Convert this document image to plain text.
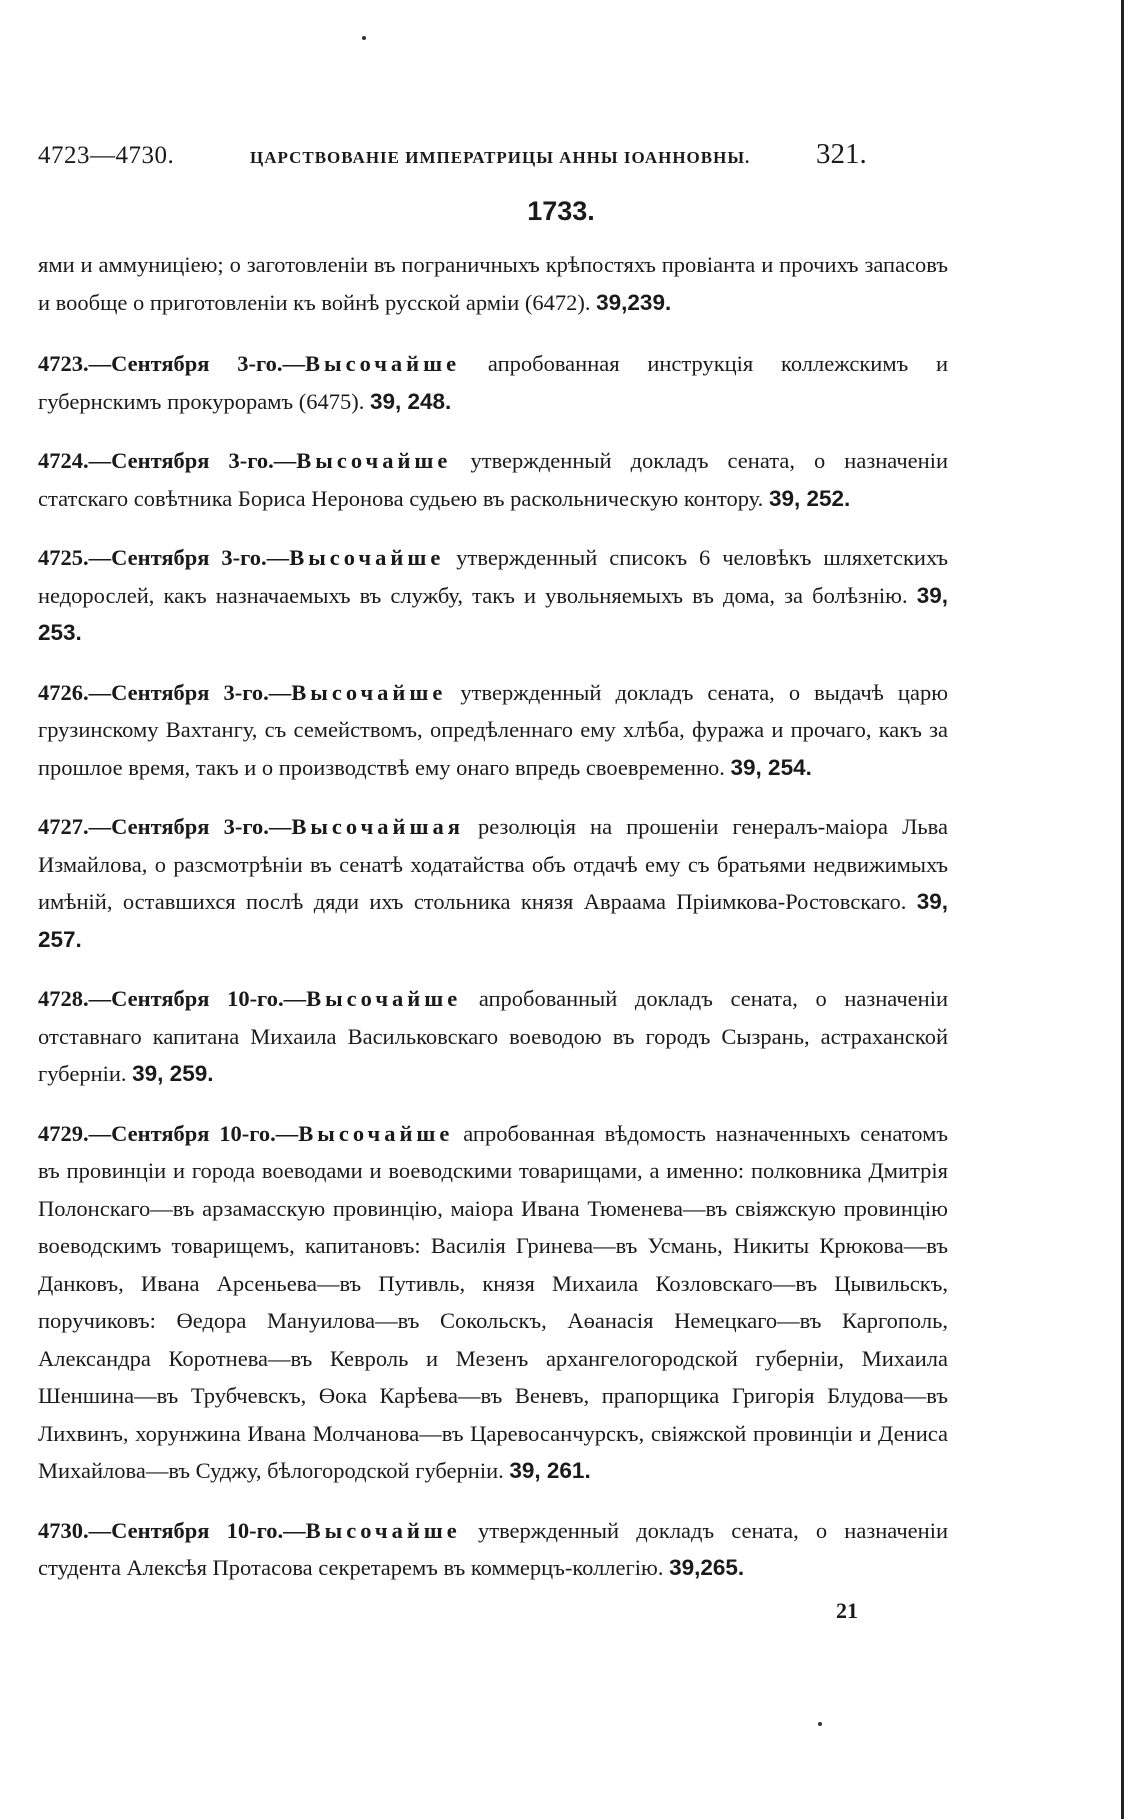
4723—4730.	ЦАРСТВОВАНІЕ ИМПЕРАТРИЦЫ АННЫ ІОАННОВНЫ. 321.
1733.

ями и аммуниціею; о заготовленіи въ пограничныхъ крѣпостяхъ провіанта и прочихъ запасовъ и вообще о приготовленіи къ войнѣ русской арміи (6472). 39,239.

4723.—Сентября 3-го.—Высочайше апробованная инструкція коллежскимъ и губернскимъ прокурорамъ (6475). 39, 248.

4724.—Сентября 3-го.—Высочайше утвержденный докладъ сената, о назначеніи статскаго совѣтника Бориса Неронова судьею въ раскольническую контору. 39, 252.

4725.—Сентября 3-го.—Высочайше утвержденный списокъ 6 человѣкъ шляхетскихъ недорослей, какъ назначаемыхъ въ службу, такъ и увольняемыхъ въ дома, за болѣзнію. 39, 253.

4726.—Сентября 3-го.—Высочайше утвержденный докладъ сената, о выдачѣ царю грузинскому Вахтангу, съ семействомъ, опредѣленнаго ему хлѣба, фуража и прочаго, какъ за прошлое время, такъ и о производствѣ ему онаго впредь своевременно. 39, 254.

4727.—Сентября 3-го.—Высочайшая резолюція на прошеніи генералъ-маіора Льва Измайлова, о разсмотрѣніи въ сенатѣ ходатайства объ отдачѣ ему съ братьями недвижимыхъ имѣній, оставшихся послѣ дяди ихъ стольника князя Авраама Пріимкова-Ростовскаго. 39, 257.

4728.—Сентября 10-го.—Высочайше апробованный докладъ сената, о назначеніи отставнаго капитана Михаила Васильковскаго воеводою въ городъ Сызрань, астраханской губерніи. 39, 259.

4729.—Сентября 10-го.—Высочайше апробованная вѣдомость назначенныхъ сенатомъ въ провинціи и города воеводами и воеводскими товарищами, а именно: полковника Дмитрія Полонскаго—въ арзамасскую провинцію, маіора Ивана Тюменева—въ свіяжскую провинцію воеводскимъ товарищемъ, капитановъ: Василія Гринева—въ Усмань, Никиты Крюкова—въ Данковъ, Ивана Арсеньева—въ Путивль, князя Михаила Козловскаго—въ Цывильскъ, поручиковъ: Өедора Мануилова—въ Сокольскъ, Аөанасія Немецкаго—въ Каргополь, Александра Коротнева—въ Кевроль и Мезенъ архангелогородской губерніи, Михаила Шеншина—въ Трубчевскъ, Өока Карѣева—въ Веневъ, прапорщика Григорія Блудова—въ Лихвинъ, хорунжина Ивана Молчанова—въ Царевосанчурскъ, свіяжской провинціи и Дениса Михайлова—въ Суджу, бѣлогородской губерніи. 39, 261.

4730.—Сентября 10-го.—Высочайше утвержденный докладъ сената, о назначеніи студента Алексѣя Протасова секретаремъ въ коммерцъ-коллегію. 39,265.

21
